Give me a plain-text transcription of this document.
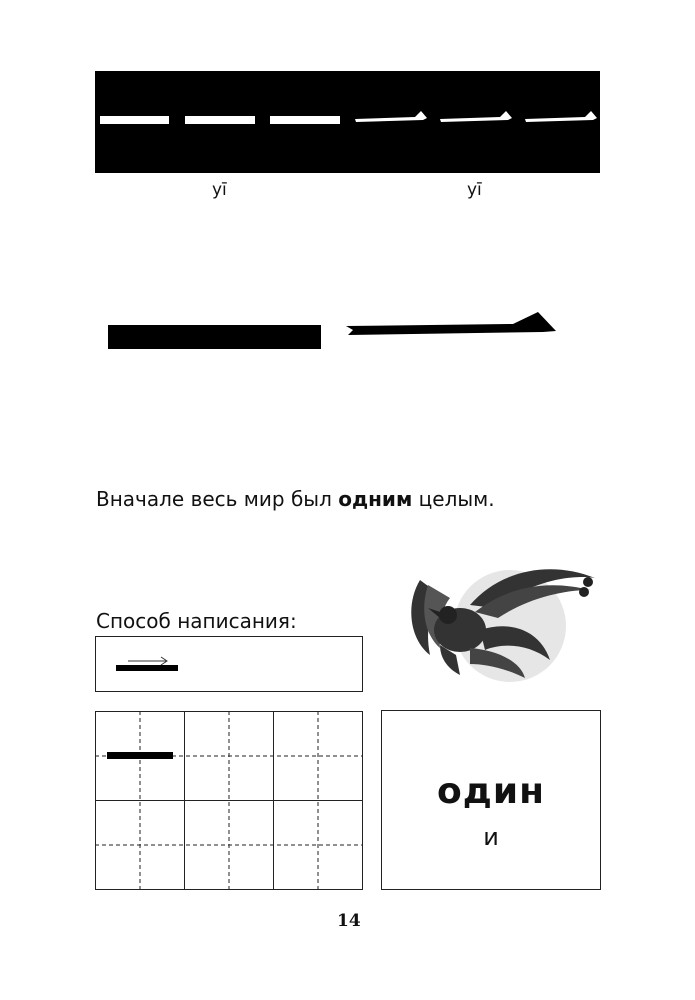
yī	yī
Вначале весь мир был одним целым.
Способ написания:
один
и
14
